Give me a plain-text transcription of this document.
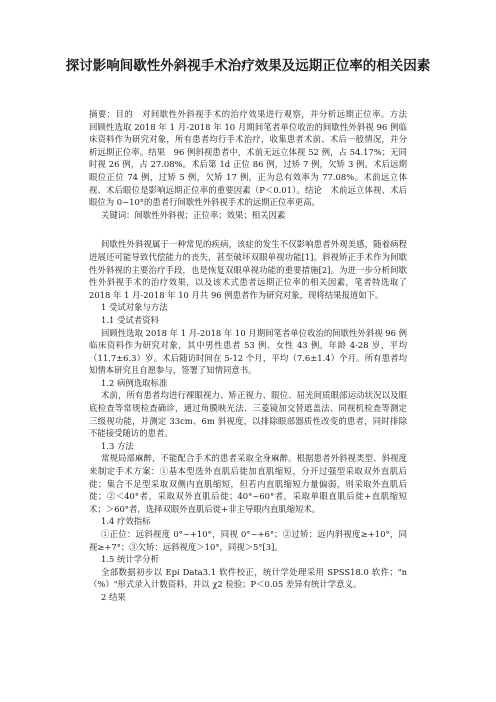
探讨影响间歇性外斜视手术治疗效果及远期正位率的相关因素

摘要：目的　对间歇性外斜视手术的治疗效果进行观察，并分析远期正位率。方法　回顾性选取 2018 年 1 月-2018 年 10 月期间笔者单位收治的间歇性外斜视 96 例临床资料作为研究对象，所有患者均行手术治疗，收集患者术前、术后一般情况，并分析远期正位率。结果　96 例斜视患者中，术前无远立体视 52 例，占 54.17%；无同时视 26 例，占 27.08%。术后第 1d 正位 86 例，过矫 7 例，欠矫 3 例。术后远期眼位正位 74 例，过矫 5 例，欠矫 17 例，正为总有效率为 77.08%。术前远立体视、术后眼位是影响远期正位率的重要因素（P＜0.01）。结论　术前远立体视、术后眼位为 0~10°的患者行间歇性外斜视手术的远期正位率更高。

关键词：间歇性外斜视；正位率；效果；相关因素

间歇性外斜视属于一种常见的疾病，该症的发生不仅影响患者外观美感，随着病程进展还可能导致代偿能力的丧失，甚至破坏双眼单视功能[1]。斜视矫正手术作为间歇性外斜视的主要治疗手段，也是恢复双眼单视功能的重要措施[2]。为进一步分析间歇性外斜视手术的治疗效果，以及该术式患者远期正位率的相关因素，笔者特选取了 2018 年 1 月-2018 年 10 月共 96 例患者作为研究对象，现将结果报道如下。

1 受试对象与方法

1.1 受试者资料

回顾性选取 2018 年 1 月-2018 年 10 月期间笔者单位收治的间歇性外斜视 96 例临床资料作为研究对象，其中男性患者 53 例、女性 43 例，年龄 4-28 岁，平均（11.7±6.3）岁。术后随访时间在 5-12 个月，平均（7.6±1.4）个月。所有患者均知情本研究且自愿参与，签署了知情同意书。

1.2 病例选取标准

术前，所有患者均进行裸眼视力、矫正视力、眼位、屈光间质眼部运动状况以及眼底检查等常规检查确诊，通过角膜映光法、三菱镜加交替遮盖法、同视机检查等测定三级视功能，并测定 33cm、6m 斜视度，以排除眼部器质性改变的患者，同时排除不能接受随访的患者。

1.3 方法

常规局部麻醉，不能配合手术的患者采取全身麻醉。根据患者外斜视类型、斜视度来制定手术方案：①基本型选外直肌后徙加直肌缩短，分开过强型采取双外直肌后徙；集合不足型采取双侧内直肌缩短，但若内直肌缩短力量偏弱，则采取外直肌后徙；②＜40°者，采取双外直肌后徙；40°~60°者，采取单眼直肌后徙+直肌缩短术；＞60°者，选择双眼外直肌后徙+非主导眼内直肌缩短术。

1.4 疗效指标

①正位：远斜视度 0°~+10°，同视 0°~+6°；②过矫：远内斜视度≥+10°，同视≥+7°；③欠矫：远斜视度＞10°，同视＞5°[3]。

1.5 统计学分析

全部数据初步以 Epi Data3.1 软件校正，统计学处理采用 SPSS18.0 软件；"n（%）"形式录入计数资料，并以 χ2 检验；P＜0.05 差异有统计学意义。

2 结果
